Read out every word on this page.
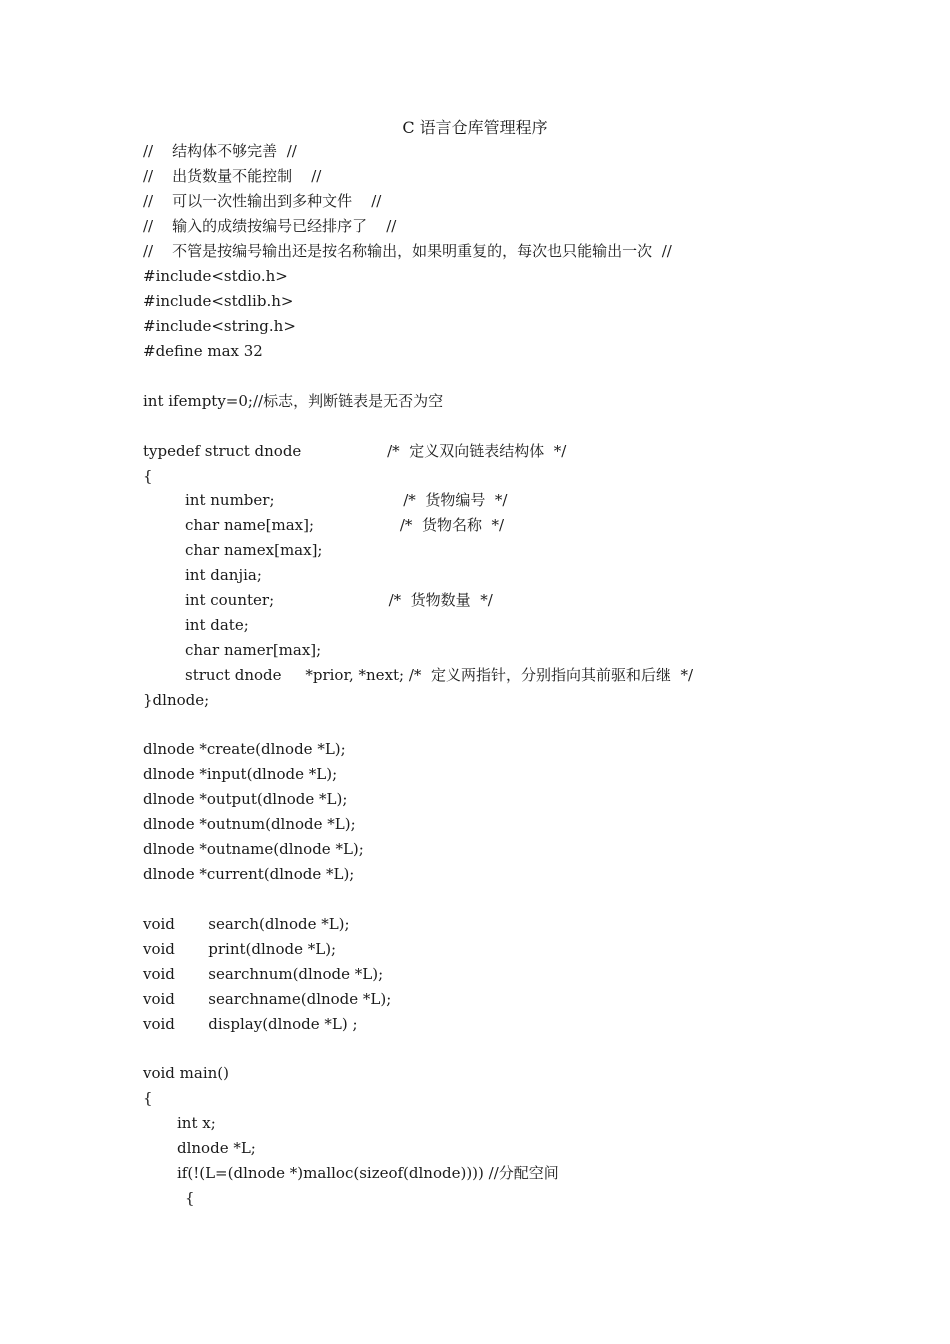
C 语言仓库管理程序
//    结构体不够完善  //
//    出货数量不能控制    //
//    可以一次性输出到多种文件    //
//    输入的成绩按编号已经排序了    //
//    不管是按编号输出还是按名称输出，如果明重复的，每次也只能输出一次  //
#include<stdio.h>
#include<stdlib.h>
#include<string.h>
#define max 32
int ifempty=0;//标志，判断链表是无否为空
typedef struct dnode                  /*  定义双向链表结构体  */
{
int number;                           /*  货物编号  */
char name[max];                  /*  货物名称  */
char namex[max];
int danjia;
int counter;                        /*  货物数量  */
int date;
char namer[max];
struct dnode     *prior, *next; /*  定义两指针，分别指向其前驱和后继  */
}dlnode;
dlnode *create(dlnode *L);
dlnode *input(dlnode *L);
dlnode *output(dlnode *L);
dlnode *outnum(dlnode *L);
dlnode *outname(dlnode *L);
dlnode *current(dlnode *L);
void       search(dlnode *L);
void       print(dlnode *L);
void       searchnum(dlnode *L);
void       searchname(dlnode *L);
void       display(dlnode *L) ;
void main()
{
int x;
dlnode *L;
if(!(L=(dlnode *)malloc(sizeof(dlnode)))) //分配空间
{
